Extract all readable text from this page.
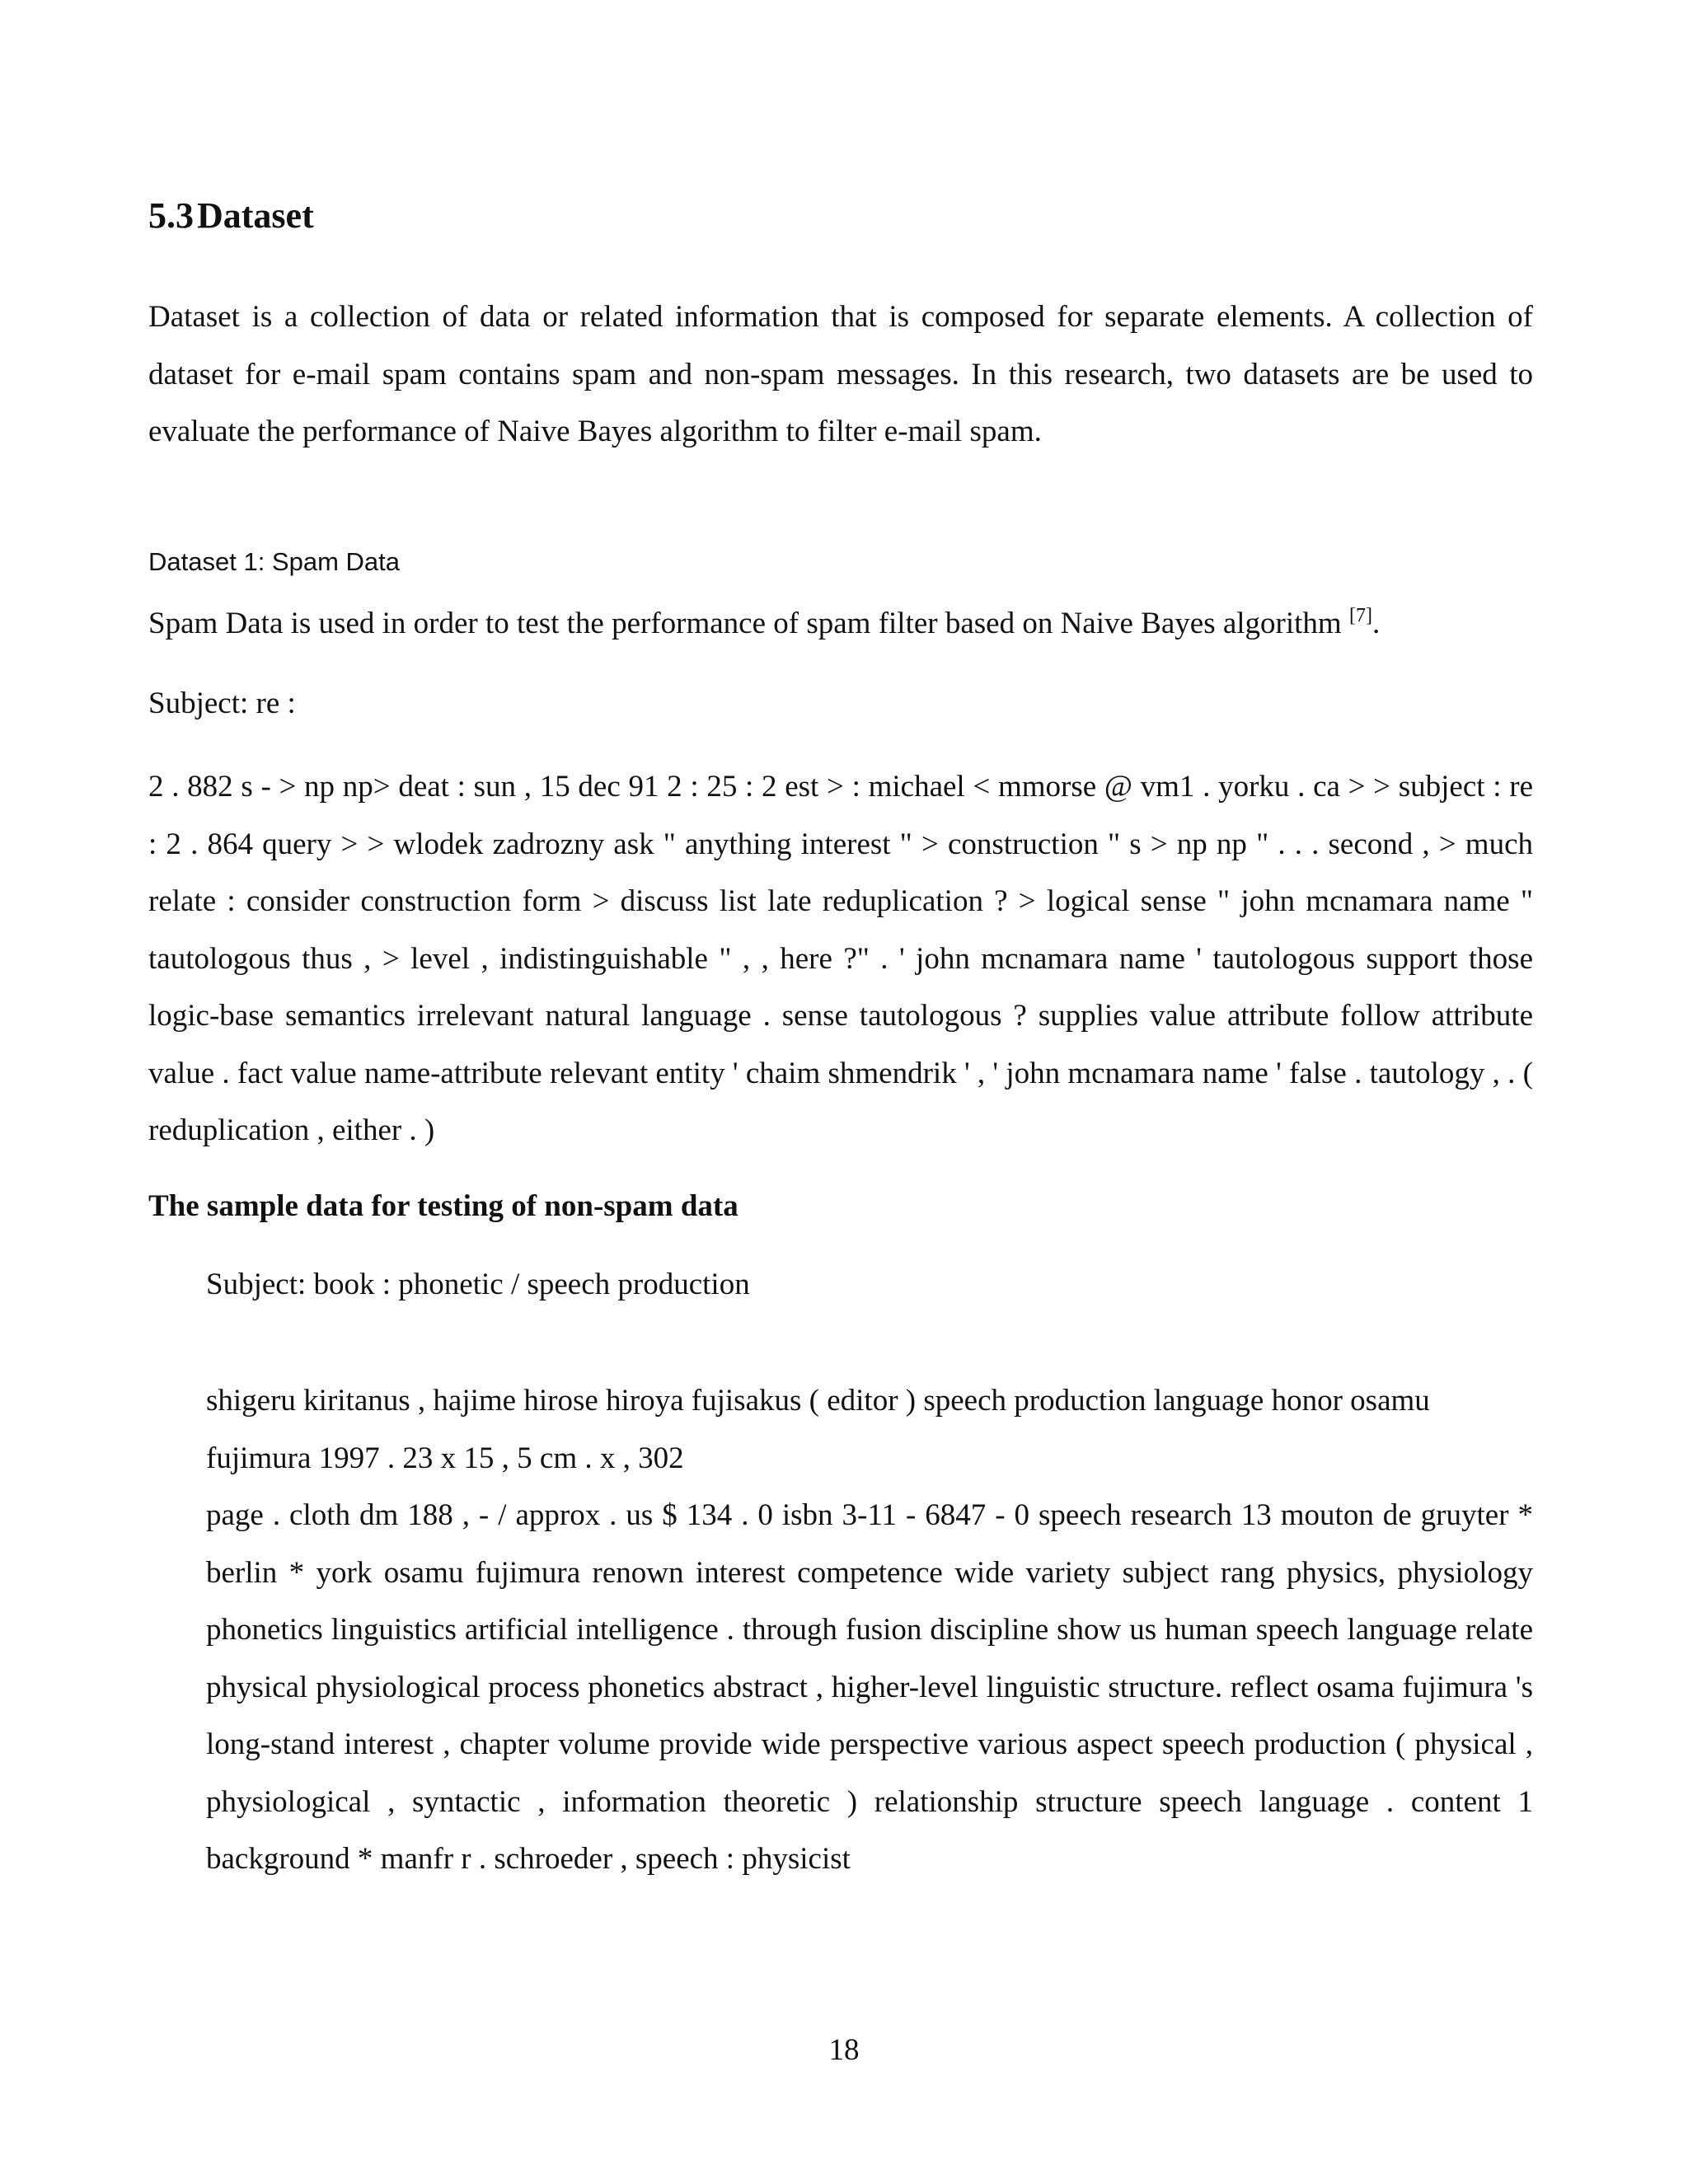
5.3Dataset

Dataset is a collection of data or related information that is composed for separate elements. A collection of dataset for e-mail spam contains spam and non-spam messages. In this research, two datasets are be used to evaluate the performance of Naive Bayes algorithm to filter e-mail spam.

Dataset 1: Spam Data
Spam Data is used in order to test the performance of spam filter based on Naive Bayes algorithm [7].
Subject: re :

2 . 882 s - > np np> deat : sun , 15 dec 91 2 : 25 : 2 est > : michael < mmorse @ vm1 . yorku . ca > > subject : re : 2 . 864 query > > wlodek zadrozny ask " anything interest " > construction " s > np np " . . . second , > much relate : consider construction form > discuss list late reduplication ? > logical sense " john mcnamara name " tautologous thus , > level , indistinguishable " , , here ?" . ' john mcnamara name ' tautologous support those logic-base semantics irrelevant natural language . sense tautologous ? supplies value attribute follow attribute value . fact value name-attribute relevant entity ' chaim shmendrik ' , ' john mcnamara name ' false . tautology , . ( reduplication , either . )

The sample data for testing of non-spam data
Subject: book : phonetic / speech production

shigeru kiritanus , hajime hirose hiroya fujisakus ( editor ) speech production language honor osamu fujimura 1997 . 23 x 15 , 5 cm . x , 302

page . cloth dm 188 , - / approx . us $ 134 . 0 isbn 3-11 - 6847 - 0 speech research 13 mouton de gruyter * berlin * york osamu fujimura renown interest competence wide variety subject rang physics, physiology phonetics linguistics artificial intelligence . through fusion discipline show us human speech language relate physical physiological process phonetics abstract , higher-level linguistic structure. reflect osama fujimura 's long-stand interest , chapter volume provide wide perspective various aspect speech production ( physical , physiological , syntactic , information theoretic ) relationship structure speech language . content 1 background * manfr r . schroeder , speech : physicist

18
